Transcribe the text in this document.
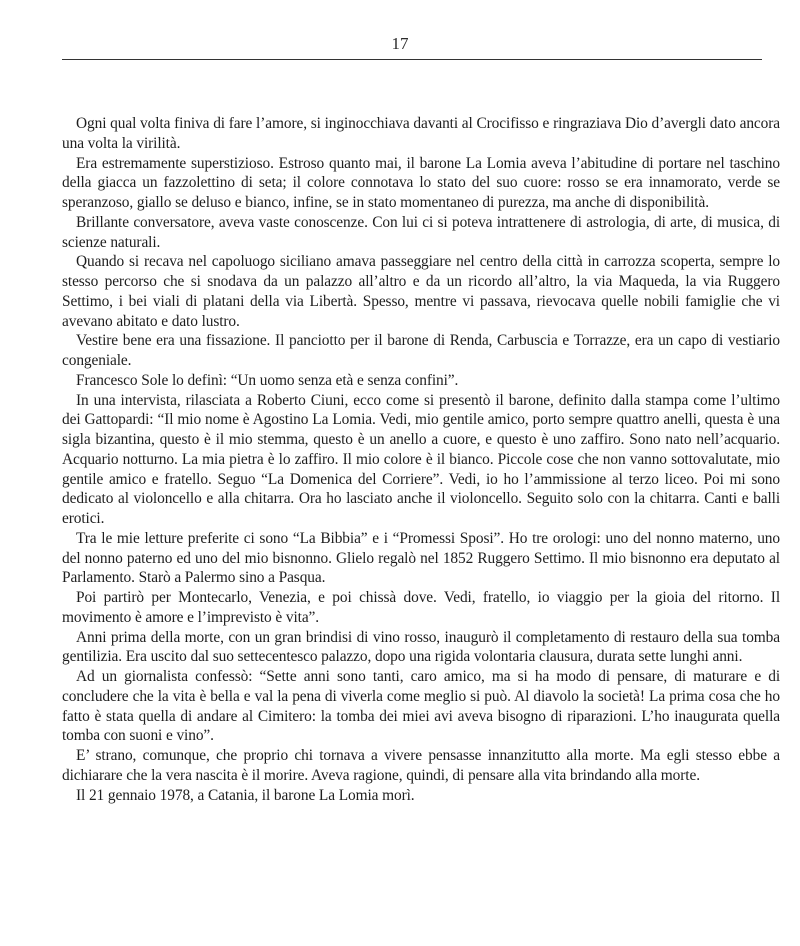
17
Ogni qual volta finiva di fare l’amore, si inginocchiava davanti al Crocifisso e ringraziava Dio d’avergli dato ancora una volta la virilità.
Era estremamente superstizioso. Estroso quanto mai, il barone La Lomia aveva l’abitudine di portare nel taschino della giacca un fazzolettino di seta; il colore connotava lo stato del suo cuore: rosso se era innamorato, verde se speranzoso, giallo se deluso e bianco, infine, se in stato momentaneo di purezza, ma anche di disponibilità.
Brillante conversatore, aveva vaste conoscenze. Con lui ci si poteva intrattenere di astrologia, di arte, di musica, di scienze naturali.
Quando si recava nel capoluogo siciliano amava passeggiare nel centro della città in carrozza scoperta, sempre lo stesso percorso che si snodava da un palazzo all’altro e da un ricordo all’altro, la via Maqueda, la via Ruggero Settimo, i bei viali di platani della via Libertà. Spesso, mentre vi passava, rievocava quelle nobili famiglie che vi avevano abitato e dato lustro.
Vestire bene era una fissazione. Il panciotto per il barone di Renda, Carbuscia e Torrazze, era un capo di vestiario congeniale.
Francesco Sole lo definì: “Un uomo senza età e senza confini”.
In una intervista, rilasciata a Roberto Ciuni, ecco come si presentò il barone, definito dalla stampa come l’ultimo dei Gattopardi: “Il mio nome è Agostino La Lomia. Vedi, mio gentile amico, porto sempre quattro anelli, questa è una sigla bizantina, questo è il mio stemma, questo è un anello a cuore, e questo è uno zaffiro. Sono nato nell’acquario. Acquario notturno. La mia pietra è lo zaffiro. Il mio colore è il bianco. Piccole cose che non vanno sottovalutate, mio gentile amico e fratello. Seguo “La Domenica del Corriere”. Vedi, io ho l’ammissione al terzo liceo. Poi mi sono dedicato al violoncello e alla chitarra. Ora ho lasciato anche il violoncello. Seguito solo con la chitarra. Canti e balli erotici.
Tra le mie letture preferite ci sono “La Bibbia” e i “Promessi Sposi”. Ho tre orologi: uno del nonno materno, uno del nonno paterno ed uno del mio bisnonno. Glielo regalò nel 1852 Ruggero Settimo. Il mio bisnonno era deputato al Parlamento. Starò a Palermo sino a Pasqua.
Poi partirò per Montecarlo, Venezia, e poi chissà dove. Vedi, fratello, io viaggio per la gioia del ritorno. Il movimento è amore e l’imprevisto è vita”.
Anni prima della morte, con un gran brindisi di vino rosso, inaugurò il completamento di restauro della sua tomba gentilizia. Era uscito dal suo settecentesco palazzo, dopo una rigida volontaria clausura, durata sette lunghi anni.
Ad un giornalista confessò: “Sette anni sono tanti, caro amico, ma si ha modo di pensare, di maturare e di concludere che la vita è bella e val la pena di viverla come meglio si può. Al diavolo la società! La prima cosa che ho fatto è stata quella di andare al Cimitero: la tomba dei miei avi aveva bisogno di riparazioni. L’ho inaugurata quella tomba con suoni e vino”.
E’ strano, comunque, che proprio chi tornava a vivere pensasse innanzitutto alla morte. Ma egli stesso ebbe a dichiarare che la vera nascita è il morire. Aveva ragione, quindi, di pensare alla vita brindando alla morte.
Il 21 gennaio 1978, a Catania, il barone La Lomia morì.
